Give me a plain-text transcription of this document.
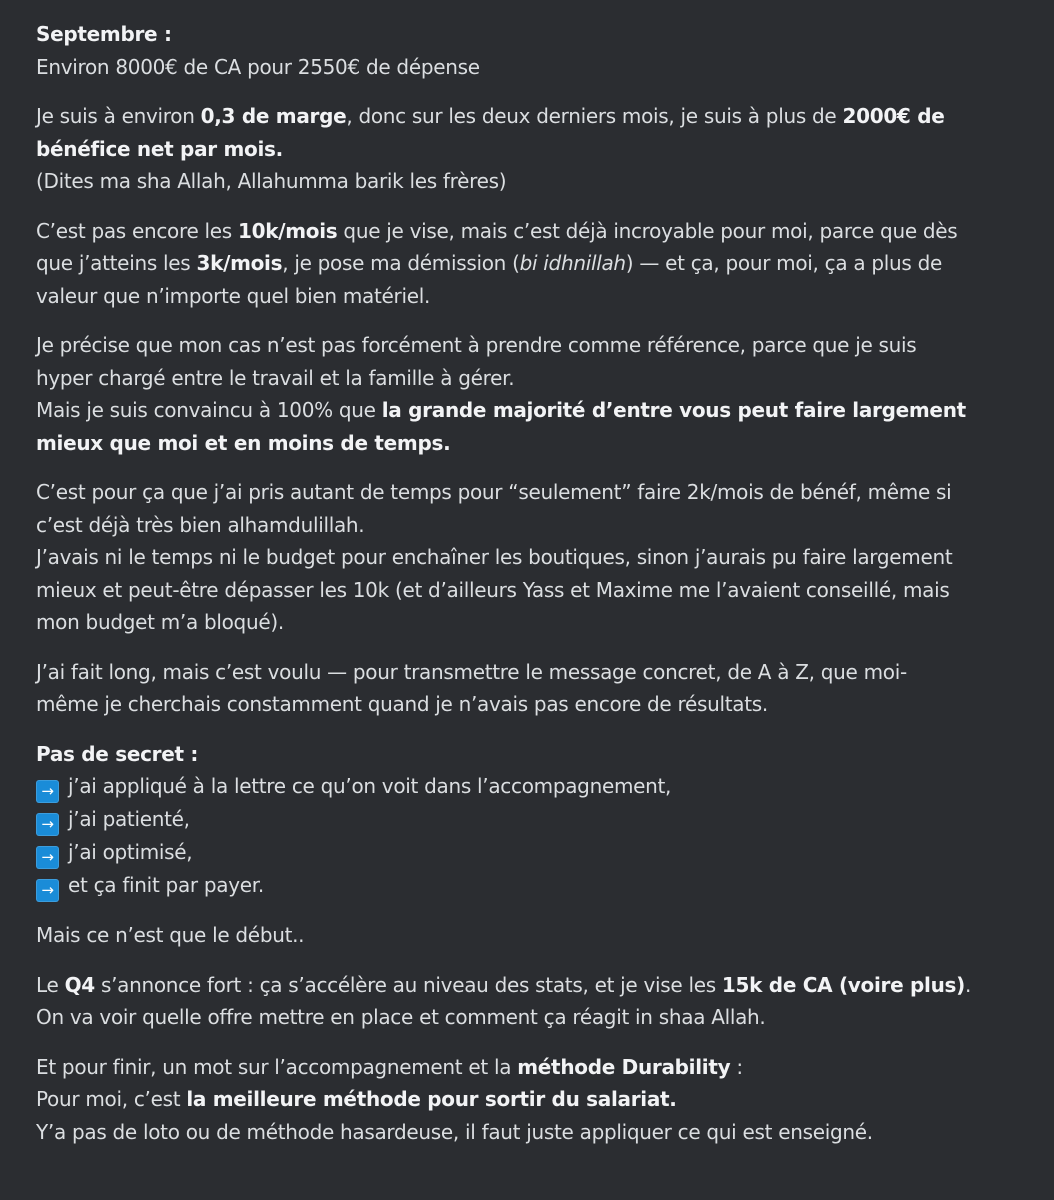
Septembre :
Environ 8000€ de CA pour 2550€ de dépense
Je suis à environ 0,3 de marge, donc sur les deux derniers mois, je suis à plus de 2000€ de
bénéfice net par mois.
(Dites ma sha Allah, Allahumma barik les frères)
C’est pas encore les 10k/mois que je vise, mais c’est déjà incroyable pour moi, parce que dès
que j’atteins les 3k/mois, je pose ma démission (bi idhnillah) — et ça, pour moi, ça a plus de
valeur que n’importe quel bien matériel.
Je précise que mon cas n’est pas forcément à prendre comme référence, parce que je suis
hyper chargé entre le travail et la famille à gérer.
Mais je suis convaincu à 100% que la grande majorité d’entre vous peut faire largement
mieux que moi et en moins de temps.
C’est pour ça que j’ai pris autant de temps pour “seulement” faire 2k/mois de bénéf, même si
c’est déjà très bien alhamdulillah.
J’avais ni le temps ni le budget pour enchaîner les boutiques, sinon j’aurais pu faire largement
mieux et peut-être dépasser les 10k (et d’ailleurs Yass et Maxime me l’avaient conseillé, mais
mon budget m’a bloqué).
J’ai fait long, mais c’est voulu — pour transmettre le message concret, de A à Z, que moi-
même je cherchais constamment quand je n’avais pas encore de résultats.
Pas de secret :
→ j’ai appliqué à la lettre ce qu’on voit dans l’accompagnement,
→ j’ai patienté,
→ j’ai optimisé,
→ et ça finit par payer.
Mais ce n’est que le début..
Le Q4 s’annonce fort : ça s’accélère au niveau des stats, et je vise les 15k de CA (voire plus).
On va voir quelle offre mettre en place et comment ça réagit in shaa Allah.
Et pour finir, un mot sur l’accompagnement et la méthode Durability :
Pour moi, c’est la meilleure méthode pour sortir du salariat.
Y’a pas de loto ou de méthode hasardeuse, il faut juste appliquer ce qui est enseigné.
